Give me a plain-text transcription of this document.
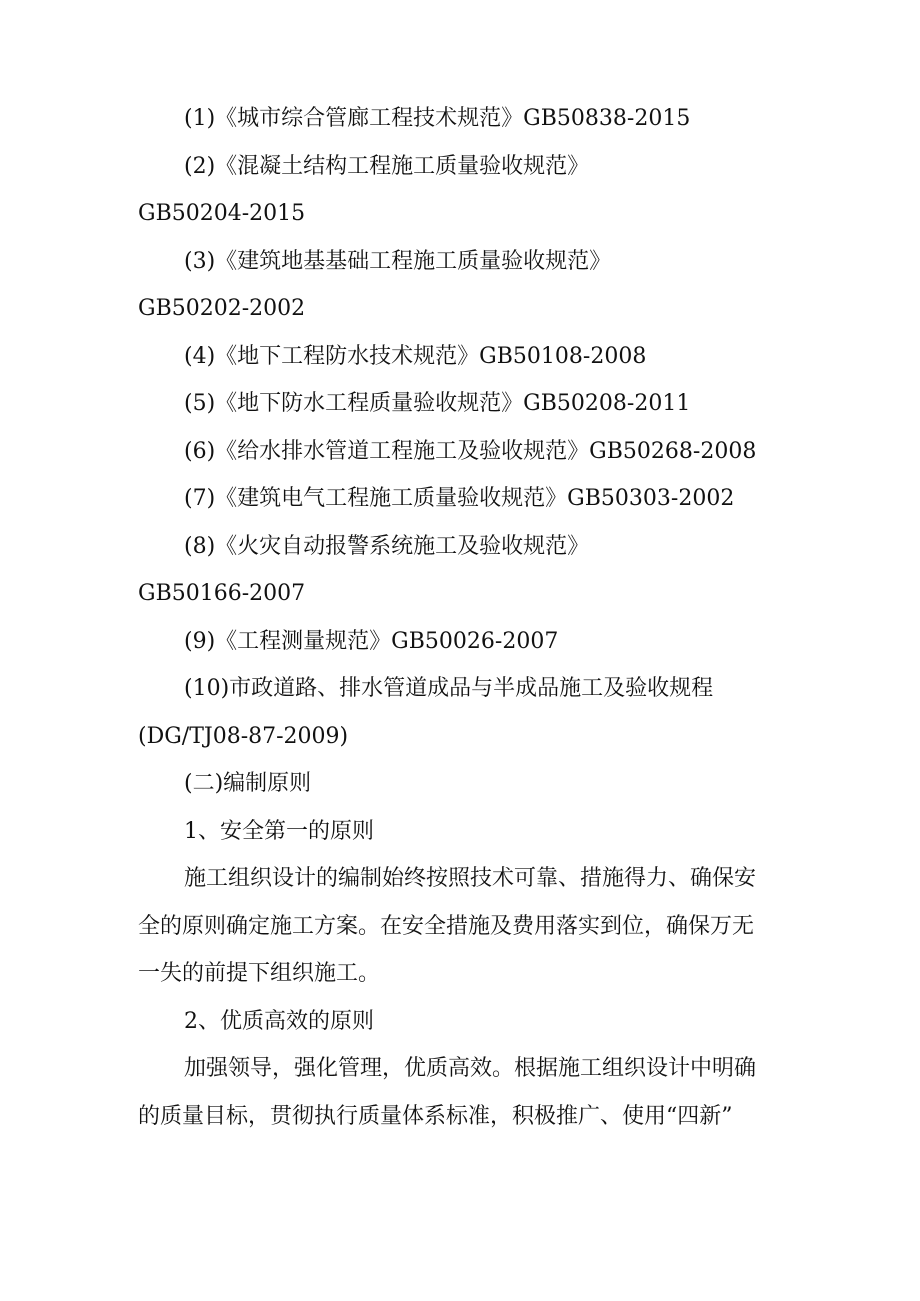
(1)《城市综合管廊工程技术规范》GB50838-2015
(2)《混凝土结构工程施工质量验收规范》
GB50204-2015
(3)《建筑地基基础工程施工质量验收规范》
GB50202-2002
(4)《地下工程防水技术规范》GB50108-2008
(5)《地下防水工程质量验收规范》GB50208-2011
(6)《给水排水管道工程施工及验收规范》GB50268-2008
(7)《建筑电气工程施工质量验收规范》GB50303-2002
(8)《火灾自动报警系统施工及验收规范》
GB50166-2007
(9)《工程测量规范》GB50026-2007
(10)市政道路、排水管道成品与半成品施工及验收规程
(DG/TJ08-87-2009)
(二)编制原则
1、安全第一的原则
施工组织设计的编制始终按照技术可靠、措施得力、确保安
全的原则确定施工方案。在安全措施及费用落实到位，确保万无
一失的前提下组织施工。
2、优质高效的原则
加强领导，强化管理，优质高效。根据施工组织设计中明确
的质量目标，贯彻执行质量体系标准，积极推广、使用“四新”
